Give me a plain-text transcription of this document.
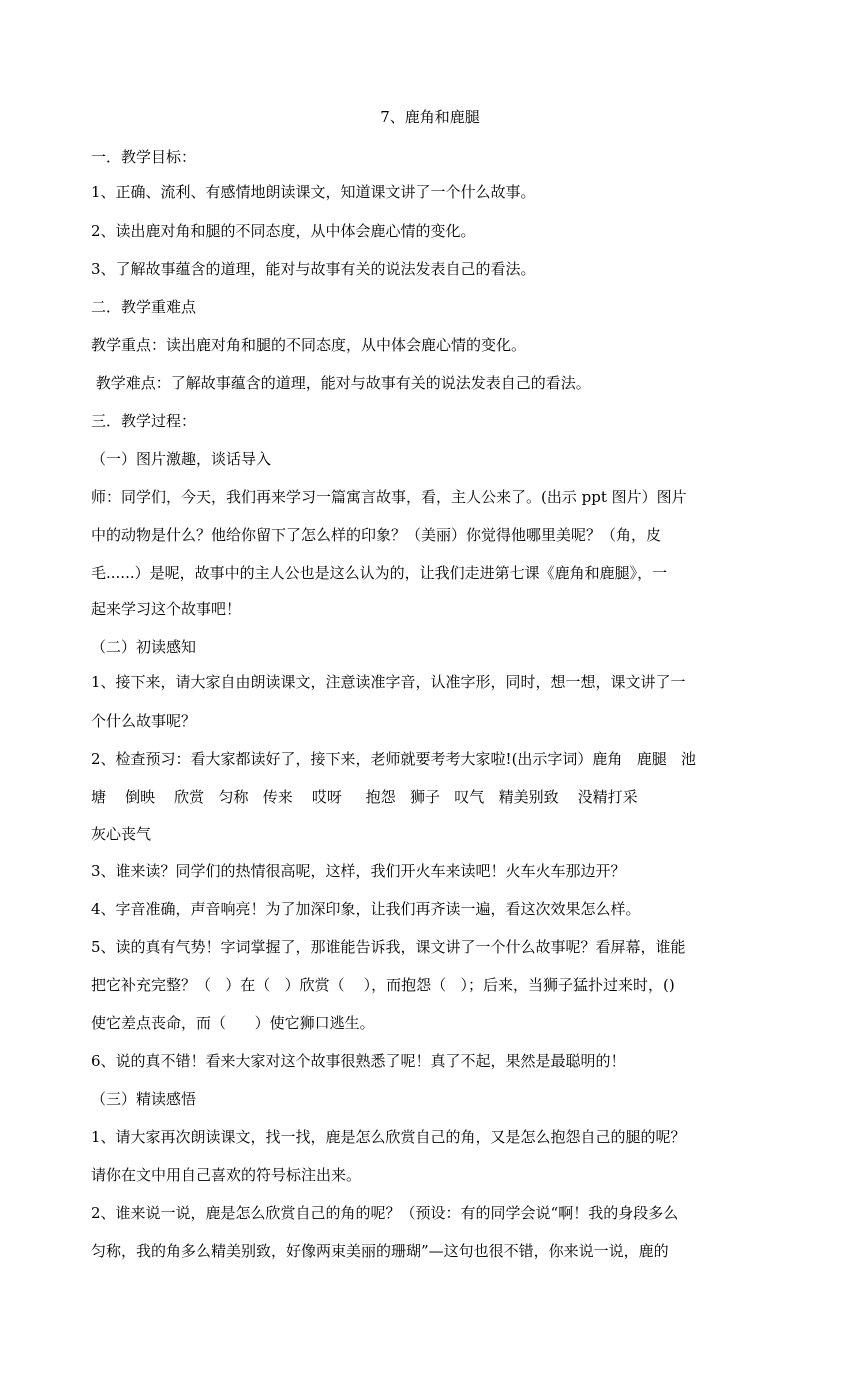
7、鹿角和鹿腿
一．教学目标：
1、正确、流利、有感情地朗读课文，知道课文讲了一个什么故事。
2、读出鹿对角和腿的不同态度，从中体会鹿心情的变化。
3、了解故事蕴含的道理，能对与故事有关的说法发表自己的看法。
二．教学重难点
教学重点：读出鹿对角和腿的不同态度，从中体会鹿心情的变化。
教学难点：了解故事蕴含的道理，能对与故事有关的说法发表自己的看法。
三．教学过程：
（一）图片激趣，谈话导入
师：同学们，今天，我们再来学习一篇寓言故事，看，主人公来了。(出示 ppt 图片）图片
中的动物是什么？他给你留下了怎么样的印象？（美丽）你觉得他哪里美呢？（角，皮
毛......）是呢，故事中的主人公也是这么认为的，让我们走进第七课《鹿角和鹿腿》，一
起来学习这个故事吧！
（二）初读感知
1、接下来，请大家自由朗读课文，注意读准字音，认准字形，同时，想一想，课文讲了一
个什么故事呢？
2、检查预习：看大家都读好了，接下来，老师就要考考大家啦!(出示字词）鹿角   鹿腿   池
塘    倒映    欣赏   匀称   传来    哎呀     抱怨   狮子   叹气   精美别致    没精打采
灰心丧气
3、谁来读？同学们的热情很高呢，这样，我们开火车来读吧！火车火车那边开？
4、字音准确，声音响亮！为了加深印象，让我们再齐读一遍，看这次效果怎么样。
5、读的真有气势！字词掌握了，那谁能告诉我，课文讲了一个什么故事呢？看屏幕，谁能
把它补充完整？（   ）在（   ）欣赏（    ），而抱怨（   ）；后来，当狮子猛扑过来时，()
使它差点丧命，而（      ）使它狮口逃生。
6、说的真不错！看来大家对这个故事很熟悉了呢！真了不起，果然是最聪明的！
（三）精读感悟
1、请大家再次朗读课文，找一找，鹿是怎么欣赏自己的角，又是怎么抱怨自己的腿的呢？
请你在文中用自己喜欢的符号标注出来。
2、谁来说一说，鹿是怎么欣赏自己的角的呢？（预设：有的同学会说“啊！我的身段多么
匀称，我的角多么精美别致，好像两束美丽的珊瑚”—这句也很不错，你来说一说，鹿的
